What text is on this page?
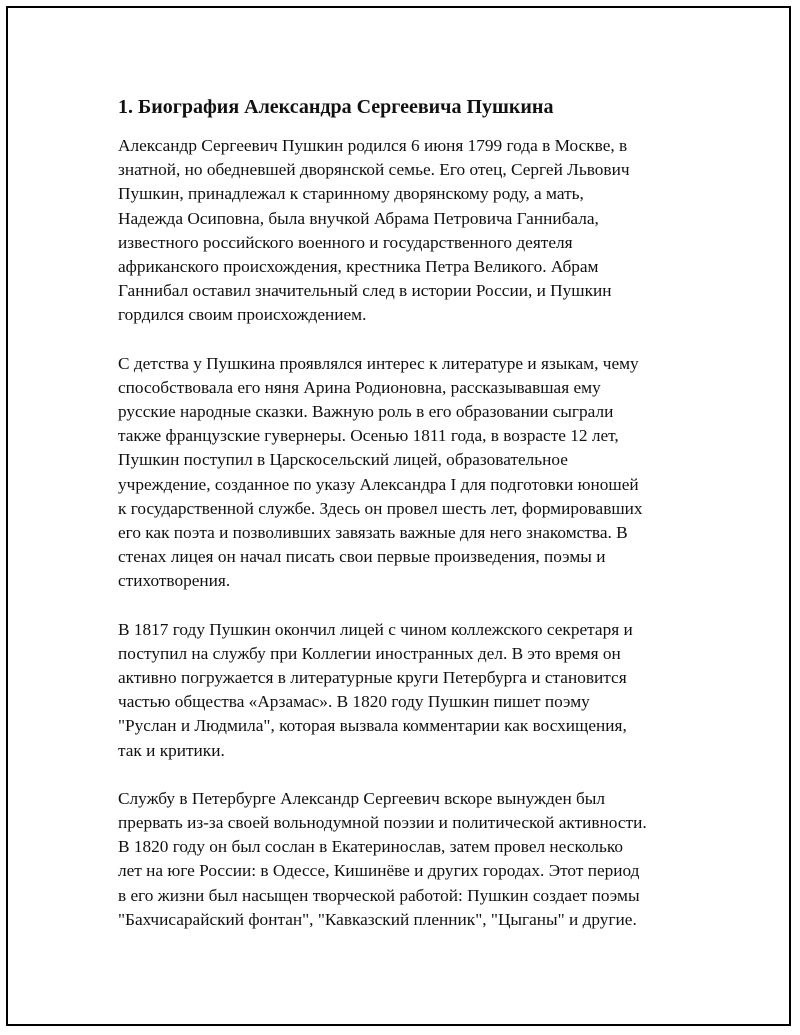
1. Биография Александра Сергеевича Пушкина

Александр Сергеевич Пушкин родился 6 июня 1799 года в Москве, в
знатной, но обедневшей дворянской семье. Его отец, Сергей Львович
Пушкин, принадлежал к старинному дворянскому роду, а мать,
Надежда Осиповна, была внучкой Абрама Петровича Ганнибала,
известного российского военного и государственного деятеля
африканского происхождения, крестника Петра Великого. Абрам
Ганнибал оставил значительный след в истории России, и Пушкин
гордился своим происхождением.

С детства у Пушкина проявлялся интерес к литературе и языкам, чему
способствовала его няня Арина Родионовна, рассказывавшая ему
русские народные сказки. Важную роль в его образовании сыграли
также французские гувернеры. Осенью 1811 года, в возрасте 12 лет,
Пушкин поступил в Царскосельский лицей, образовательное
учреждение, созданное по указу Александра I для подготовки юношей
к государственной службе. Здесь он провел шесть лет, формировавших
его как поэта и позволивших завязать важные для него знакомства. В
стенах лицея он начал писать свои первые произведения, поэмы и
стихотворения.

В 1817 году Пушкин окончил лицей с чином коллежского секретаря и
поступил на службу при Коллегии иностранных дел. В это время он
активно погружается в литературные круги Петербурга и становится
частью общества «Арзамас». В 1820 году Пушкин пишет поэму
"Руслан и Людмила", которая вызвала комментарии как восхищения,
так и критики.

Службу в Петербурге Александр Сергеевич вскоре вынужден был
прервать из-за своей вольнодумной поэзии и политической активности.
В 1820 году он был сослан в Екатеринослав, затем провел несколько
лет на юге России: в Одессе, Кишинёве и других городах. Этот период
в его жизни был насыщен творческой работой: Пушкин создает поэмы
"Бахчисарайский фонтан", "Кавказский пленник", "Цыганы" и другие.
